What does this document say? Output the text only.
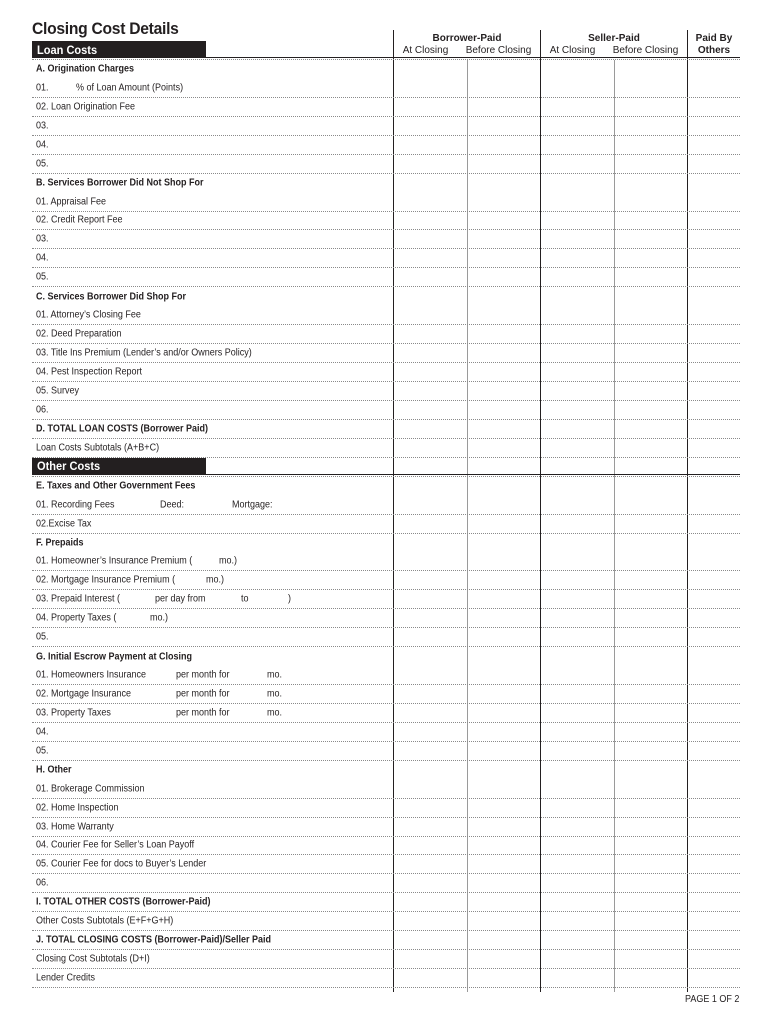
Closing Cost Details
Borrower-Paid
At Closing Before Closing
Seller-Paid
At Closing Before Closing
Paid By
Others
Loan Costs
A. Origination Charges
01.	% of Loan Amount (Points)
02. Loan Origination Fee
03.
04.
05.
B. Services Borrower Did Not Shop For
01. Appraisal Fee
02. Credit Report Fee
03.
04.
05.
C. Services Borrower Did Shop For
01. Attorney’s Closing Fee
02. Deed Preparation
03. Title Ins Premium (Lender’s and/or Owners Policy)
04. Pest Inspection Report
05. Survey
06.
D. TOTAL LOAN COSTS (Borrower Paid)
Loan Costs Subtotals (A+B+C)
Other Costs
E. Taxes and Other Government Fees
01. Recording Fees	Deed:	Mortgage:
02.Excise Tax
F. Prepaids
01. Homeowner’s Insurance Premium (	mo.)
02. Mortgage Insurance Premium (	mo.)
03. Prepaid Interest (	per day from	to	)
04. Property Taxes (	mo.)
05.
G. Initial Escrow Payment at Closing
01. Homeowners Insurance	per month for	mo.
02. Mortgage Insurance	per month for	mo.
03. Property Taxes	per month for	mo.
04.
05.
H. Other
01. Brokerage Commission
02. Home Inspection
03. Home Warranty
04. Courier Fee for Seller’s Loan Payoff
05. Courier Fee for docs to Buyer’s Lender
06.
I. TOTAL OTHER COSTS (Borrower-Paid)
Other Costs Subtotals (E+F+G+H)
J. TOTAL CLOSING COSTS (Borrower-Paid)/Seller Paid
Closing Cost Subtotals (D+I)
Lender Credits
PAGE 1 OF 2
